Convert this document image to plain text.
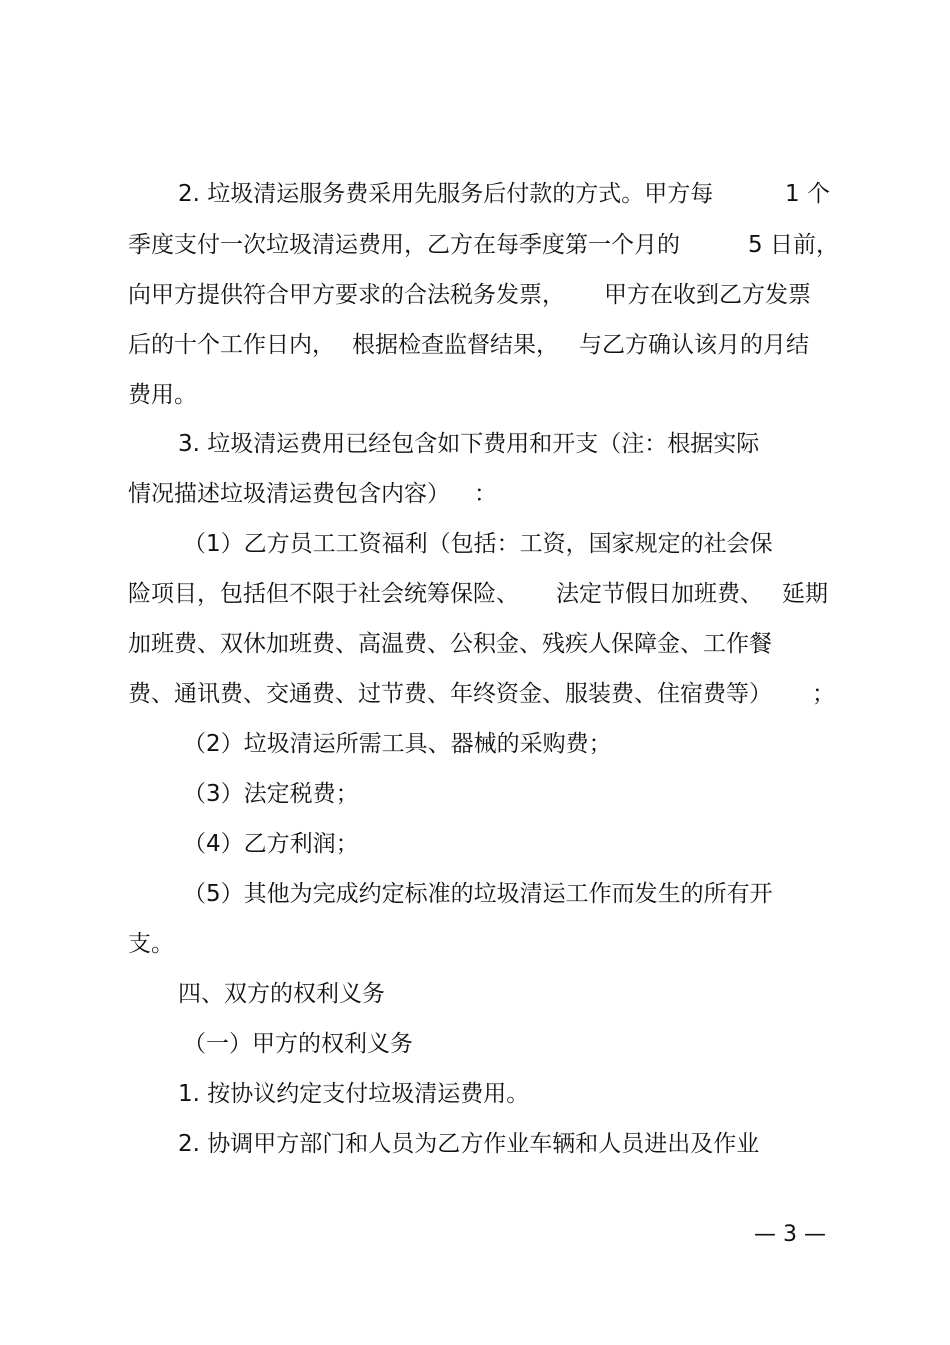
2. 垃圾清运服务费采用先服务后付款的方式。甲方每	1 个
季度支付一次垃圾清运费用，乙方在每季度第一个月的	5 日前，
向甲方提供符合甲方要求的合法税务发票， 甲方在收到乙方发票
后的十个工作日内， 根据检查监督结果， 与乙方确认该月的月结
费用。
3. 垃圾清运费用已经包含如下费用和开支（注：根据实际
情况描述垃圾清运费包含内容） ：
（1）乙方员工工资福利（包括：工资，国家规定的社会保
险项目，包括但不限于社会统筹保险、 法定节假日加班费、 延期
加班费、双休加班费、高温费、公积金、残疾人保障金、工作餐
费、通讯费、交通费、过节费、年终资金、服装费、住宿费等） ；
（2）垃圾清运所需工具、器械的采购费；
（3）法定税费；
（4）乙方利润；
（5）其他为完成约定标准的垃圾清运工作而发生的所有开
支。
四、双方的权利义务
（一）甲方的权利义务
1. 按协议约定支付垃圾清运费用。
2. 协调甲方部门和人员为乙方作业车辆和人员进出及作业
— 3 —
